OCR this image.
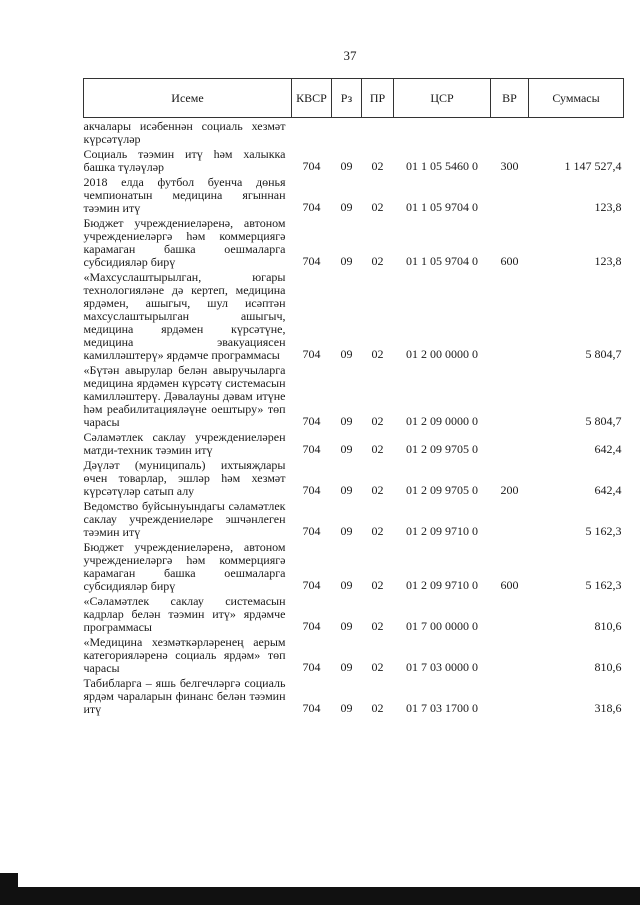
37
Исеме	КВСР	Рз	ПР	ЦСР	ВР	Суммасы
акчалары исәбеннән социаль хезмәт күрсәтүләр						
Социаль тәэмин итү һәм халыкка башка түләүләр	704	09	02	01 1 05 5460 0	300	1 147 527,4
2018 елда футбол буенча дөнья чемпионатын медицина ягыннан тәэмин итү	704	09	02	01 1 05 9704 0		123,8
Бюджет учреждениеләренә, автоном учреждениеләргә һәм коммерциягә карамаган башка оешмаларга субсидияләр бирү	704	09	02	01 1 05 9704 0	600	123,8
«Махсуслаштырылган, югары технологияләне дә кертеп, медицина ярдәмен, ашыгыч, шул исәптән махсуслаштырылган ашыгыч, медицина ярдәмен күрсәтүне, медицина эвакуациясен камилләштерү» ярдәмче программасы	704	09	02	01 2 00 0000 0		5 804,7
«Бүтән авырулар белән авыручыларга медицина ярдәмен күрсәтү системасын камилләштерү. Дәвалауны дәвам итүне һәм реабилитацияләүне оештыру» төп чарасы	704	09	02	01 2 09 0000 0		5 804,7
Сәламәтлек саклау учреждениеләрен матди-техник тәэмин итү	704	09	02	01 2 09 9705 0		642,4
Дәүләт (муниципаль) ихтыяҗлары өчен товарлар, эшләр һәм хезмәт күрсәтүләр сатып алу	704	09	02	01 2 09 9705 0	200	642,4
Ведомство буйсынуындагы сәламәтлек саклау учреждениеләре эшчәнлеген тәэмин итү	704	09	02	01 2 09 9710 0		5 162,3
Бюджет учреждениеләренә, автоном учреждениеләргә һәм коммерциягә карамаган башка оешмаларга субсидияләр бирү	704	09	02	01 2 09 9710 0	600	5 162,3
«Сәламәтлек саклау системасын кадрлар белән тәэмин итү» ярдәмче программасы	704	09	02	01 7 00 0000 0		810,6
«Медицина хезмәткәрләренең аерым категорияләренә социаль ярдәм» төп чарасы	704	09	02	01 7 03 0000 0		810,6
Табибларга – яшь белгечләргә социаль ярдәм чараларын финанс белән тәэмин итү	704	09	02	01 7 03 1700 0		318,6
